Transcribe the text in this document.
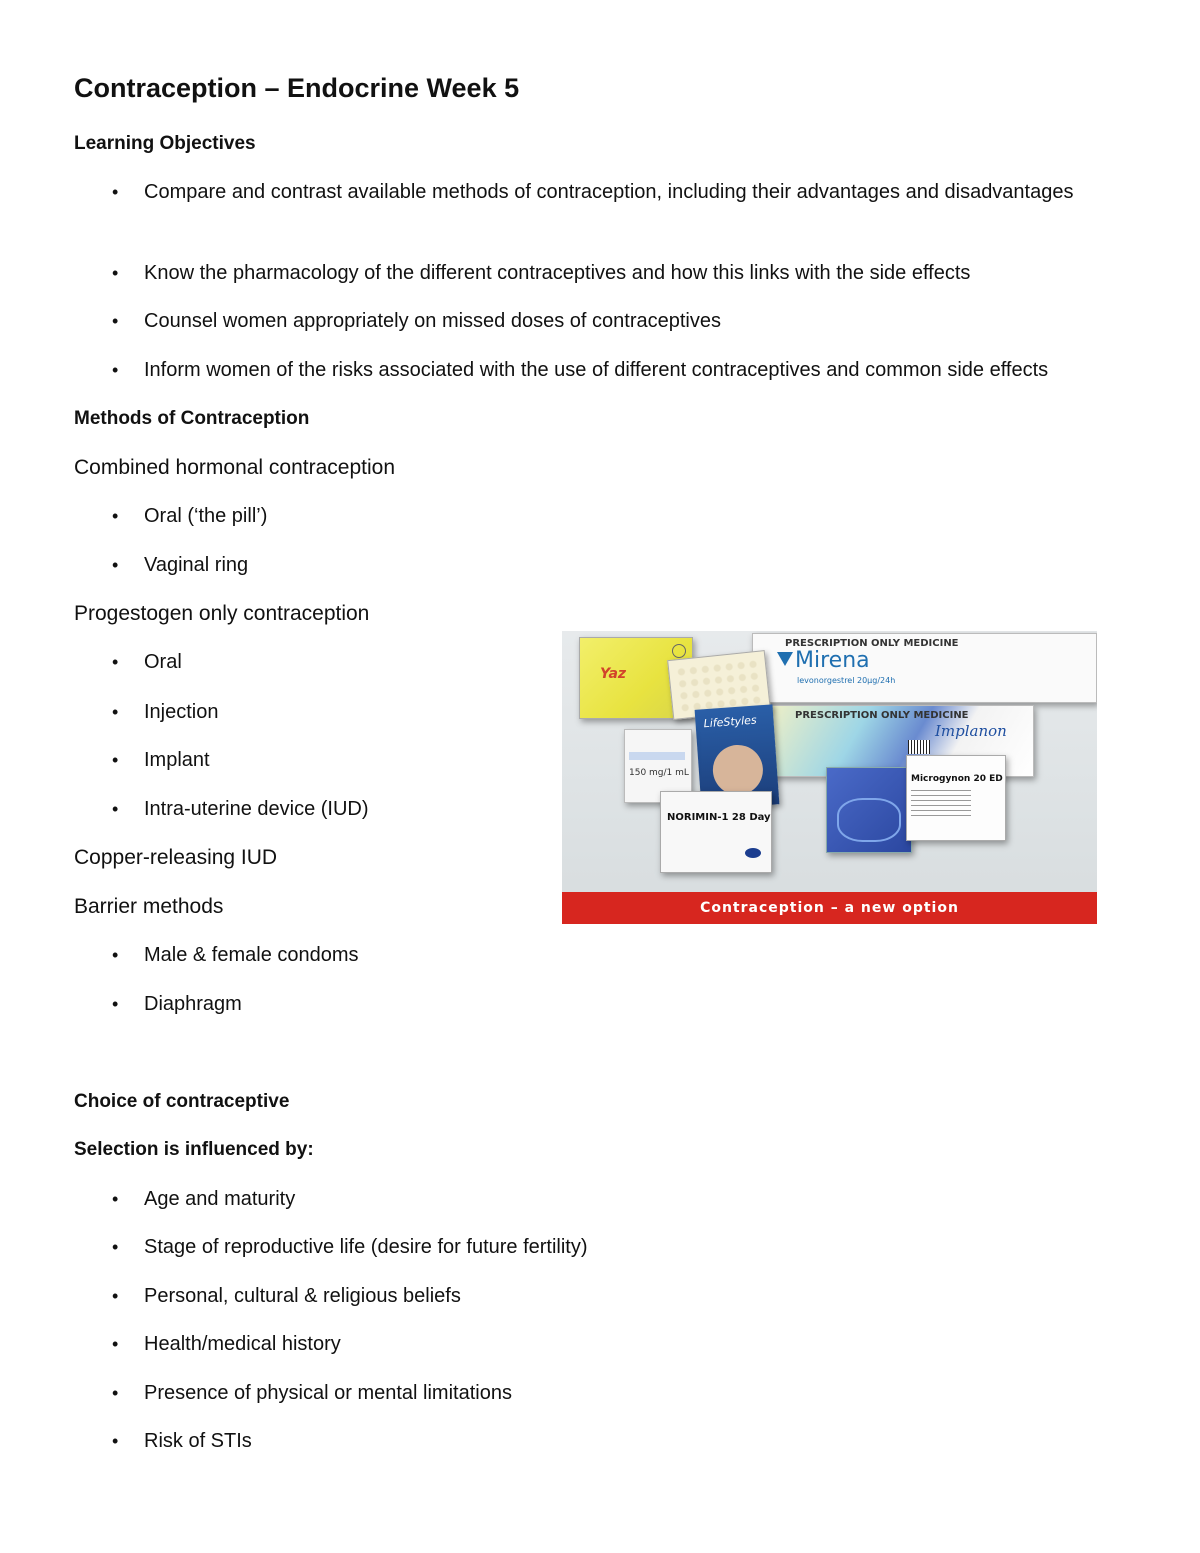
Contraception – Endocrine Week 5
Learning Objectives
• Compare and contrast available methods of contraception, including their advantages and disadvantages
• Know the pharmacology of the different contraceptives and how this links with the side effects
• Counsel women appropriately on missed doses of contraceptives
• Inform women of the risks associated with the use of different contraceptives and common side effects
Methods of Contraception
Combined hormonal contraception
• Oral (‘the pill’)
• Vaginal ring
Progestogen only contraception
• Oral
• Injection
• Implant
• Intra-uterine device (IUD)
Copper-releasing IUD
Barrier methods
• Male & female condoms
• Diaphragm
Choice of contraceptive
Selection is influenced by:
• Age and maturity
• Stage of reproductive life (desire for future fertility)
• Personal, cultural & religious beliefs
• Health/medical history
• Presence of physical or mental limitations
• Risk of STIs
PRESCRIPTION ONLY MEDICINE
Mirena
levonorgestrel 20µg/24h
PRESCRIPTION ONLY MEDICINE
Implanon
Yaz
LifeStyles
150 mg/1 mL
NORIMIN-1 28 Day
Microgynon 20 ED
Contraception – a new option
